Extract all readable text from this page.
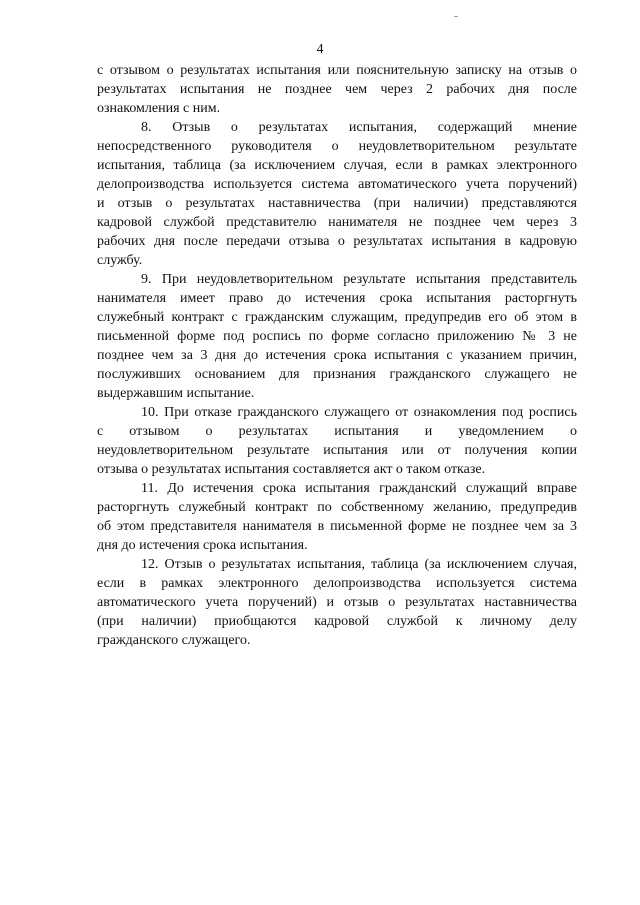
4
с отзывом о результатах испытания или пояснительную записку на отзыв о
результатах испытания не позднее чем через 2 рабочих дня после
ознакомления с ним.
8. Отзыв о результатах испытания, содержащий мнение
непосредственного руководителя о неудовлетворительном результате
испытания, таблица (за исключением случая, если в рамках электронного
делопроизводства используется система автоматического учета поручений)
и отзыв о результатах наставничества (при наличии) представляются
кадровой службой представителю нанимателя не позднее чем через 3
рабочих дня после передачи отзыва о результатах испытания в кадровую
службу.
9. При неудовлетворительном результате испытания представитель
нанимателя имеет право до истечения срока испытания расторгнуть
служебный контракт с гражданским служащим, предупредив его об этом в
письменной форме под роспись по форме согласно приложению № 3 не
позднее чем за 3 дня до истечения срока испытания с указанием причин,
послуживших основанием для признания гражданского служащего не
выдержавшим испытание.
10. При отказе гражданского служащего от ознакомления под роспись
с отзывом о результатах испытания и уведомлением о
неудовлетворительном результате испытания или от получения копии
отзыва о результатах испытания составляется акт о таком отказе.
11. До истечения срока испытания гражданский служащий вправе
расторгнуть служебный контракт по собственному желанию, предупредив
об этом представителя нанимателя в письменной форме не позднее чем за 3
дня до истечения срока испытания.
12. Отзыв о результатах испытания, таблица (за исключением случая,
если в рамках электронного делопроизводства используется система
автоматического учета поручений) и отзыв о результатах наставничества
(при наличии) приобщаются кадровой службой к личному делу
гражданского служащего.
